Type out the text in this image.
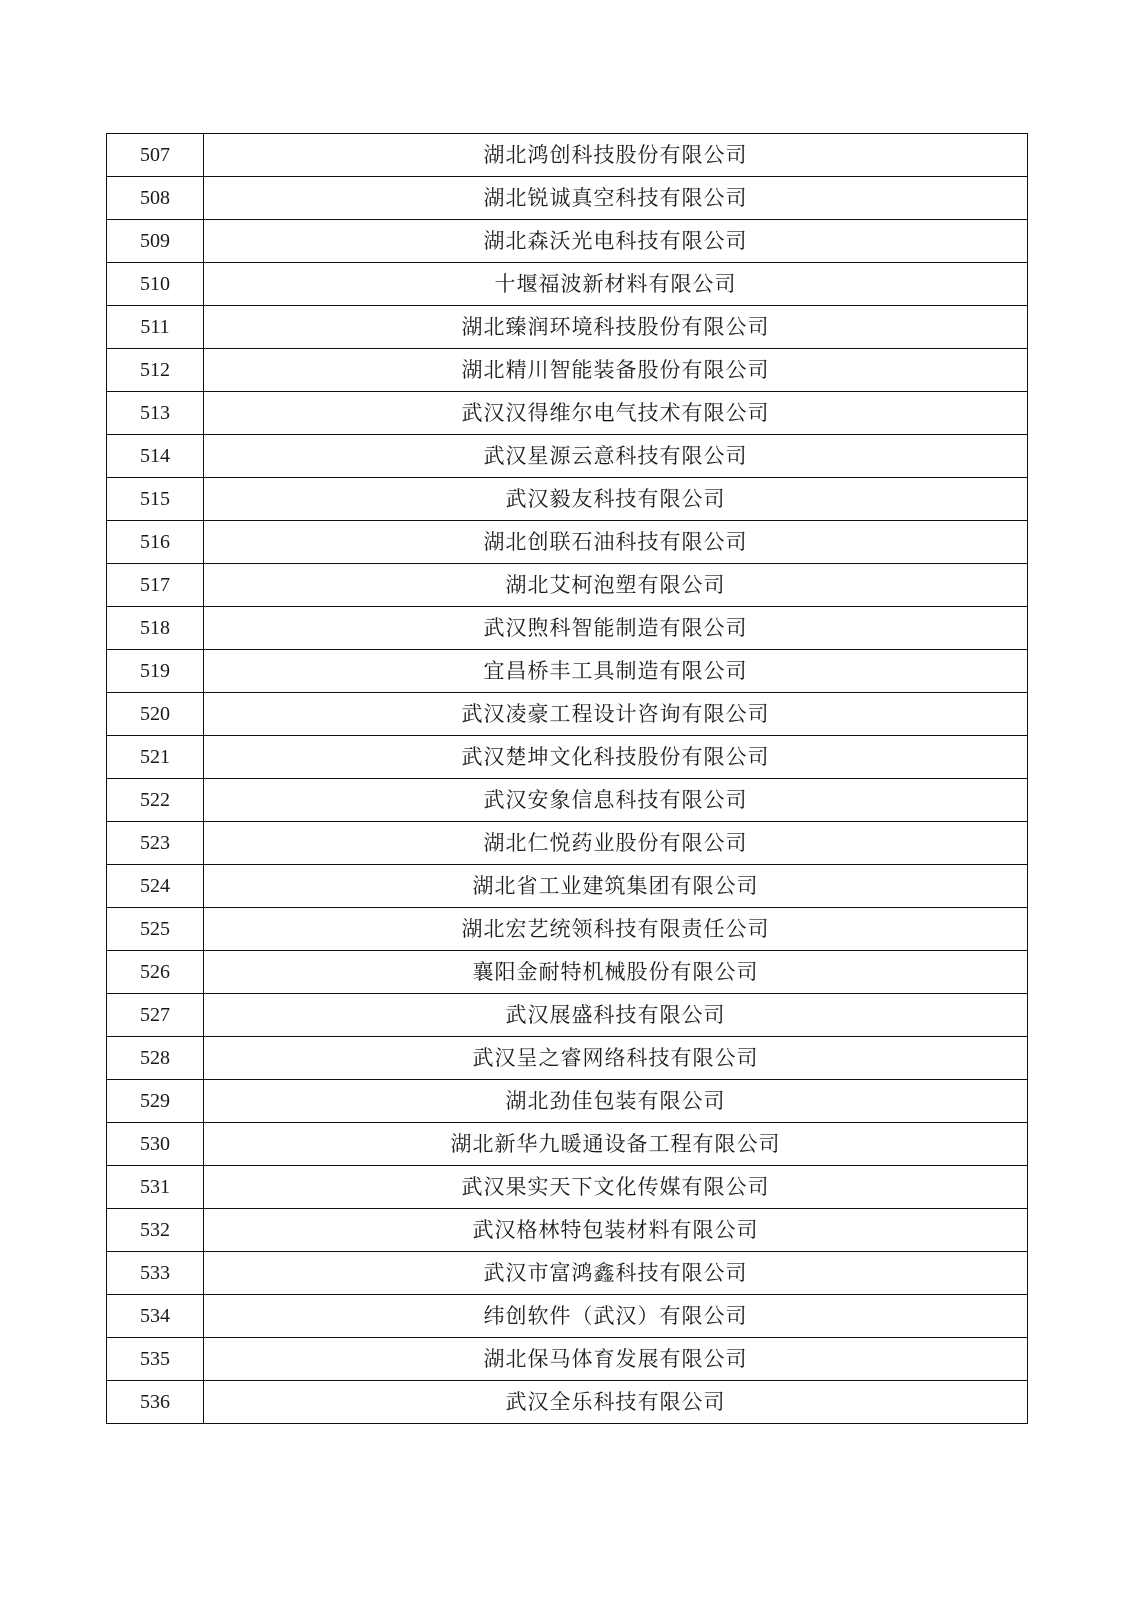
507	湖北鸿创科技股份有限公司
508	湖北锐诚真空科技有限公司
509	湖北森沃光电科技有限公司
510	十堰福波新材料有限公司
511	湖北臻润环境科技股份有限公司
512	湖北精川智能装备股份有限公司
513	武汉汉得维尔电气技术有限公司
514	武汉星源云意科技有限公司
515	武汉毅友科技有限公司
516	湖北创联石油科技有限公司
517	湖北艾柯泡塑有限公司
518	武汉煦科智能制造有限公司
519	宜昌桥丰工具制造有限公司
520	武汉凌豪工程设计咨询有限公司
521	武汉楚坤文化科技股份有限公司
522	武汉安象信息科技有限公司
523	湖北仁悦药业股份有限公司
524	湖北省工业建筑集团有限公司
525	湖北宏艺统领科技有限责任公司
526	襄阳金耐特机械股份有限公司
527	武汉展盛科技有限公司
528	武汉呈之睿网络科技有限公司
529	湖北劲佳包装有限公司
530	湖北新华九暖通设备工程有限公司
531	武汉果实天下文化传媒有限公司
532	武汉格林特包装材料有限公司
533	武汉市富鸿鑫科技有限公司
534	纬创软件（武汉）有限公司
535	湖北保马体育发展有限公司
536	武汉全乐科技有限公司
